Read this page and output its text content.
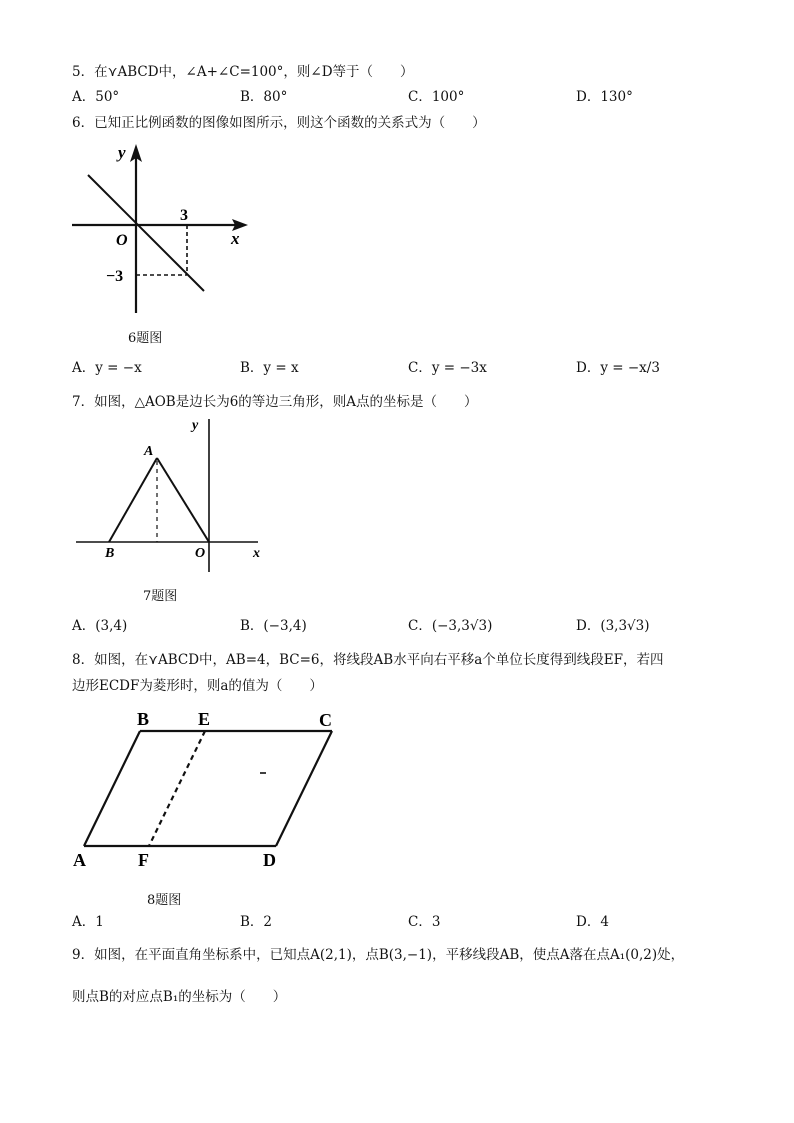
5．在⋎ABCD中，∠A+∠C=100°，则∠D等于（　　）
A．50°	B．80°	C．100°	D．130°
6．已知正比例函数的图像如图所示，则这个函数的关系式为（　　）
y
x
O
3
−3
6题图
A．y = −x	B．y = x	C．y = −3x	D．y = −x/3
7．如图，△AOB是边长为6的等边三角形，则A点的坐标是（　　）
y
x
A
B	O
7题图
A．(3,4)	B．(−3,4)	C．(−3,3√3)	D．(3,3√3)
8．如图，在⋎ABCD中，AB=4，BC=6，将线段AB水平向右平移a个单位长度得到线段EF，若四
边形ECDF为菱形时，则a的值为（　　）
B	E	C
A	F	D
8题图
A．1	B．2	C．3	D．4
9．如图，在平面直角坐标系中，已知点A(2,1)，点B(3,−1)，平移线段AB，使点A落在点A₁(0,2)处，
则点B的对应点B₁的坐标为（　　）
